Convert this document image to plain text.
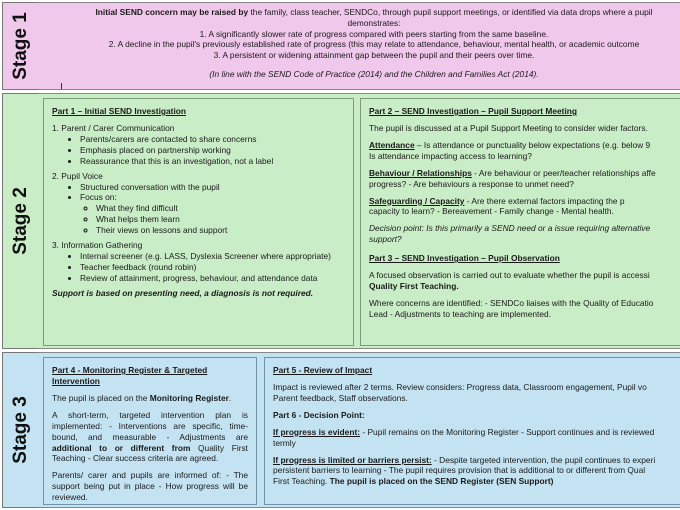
Stage 1
Initial SEND concern may be raised by the family, class teacher, SENDCo, through pupil support meetings, or identified via data drops where a pupil
demonstrates:
1. A significantly slower rate of progress compared with peers starting from the same baseline.
2. A decline in the pupil's previously established rate of progress (this may relate to attendance, behaviour, mental health, or academic outcome
3. A persistent or widening attainment gap between the pupil and their peers over time.
(In line with the SEND Code of Practice (2014) and the Children and Families Act (2014).
Stage 2
Part 1 – Initial SEND Investigation
1. Parent / Carer Communication
• Parents/carers are contacted to share concerns
• Emphasis placed on partnership working
• Reassurance that this is an investigation, not a label
2. Pupil Voice
• Structured conversation with the pupil
• Focus on:
◦ What they find difficult
◦ What helps them learn
◦ Their views on lessons and support
3. Information Gathering
• Internal screener (e.g. LASS, Dyslexia Screener where appropriate)
• Teacher feedback (round robin)
• Review of attainment, progress, behaviour, and attendance data
Support is based on presenting need, a diagnosis is not required.
Part 2 – SEND Investigation – Pupil Support Meeting

The pupil is discussed at a Pupil Support Meeting to consider wider factors.

Attendance – Is attendance or punctuality below expectations (e.g. below 9
Is attendance impacting access to learning?

Behaviour / Relationships - Are behaviour or peer/teacher relationships affe
progress? - Are behaviours a response to unmet need?

Safeguarding / Capacity - Are there external factors impacting the p
capacity to learn? - Bereavement - Family change - Mental health.

Decision point: Is this primarily a SEND need or a issue requiring alternative support?

Part 3 – SEND Investigation – Pupil Observation

A focused observation is carried out to evaluate whether the pupil is accessi
Quality First Teaching.

Where concerns are identified: - SENDCo liaises with the Quality of Educatio
Lead - Adjustments to teaching are implemented.

Stage 3
Part 4 - Monitoring Register & Targeted Intervention

The pupil is placed on the Monitoring Register.

A short-term, targeted intervention plan is implemented: - Interventions are specific, time-bound, and measurable - Adjustments are additional to or different from Quality First Teaching - Clear success criteria are agreed.

Parents/ carer and pupils are informed of: - The support being put in place - How progress will be reviewed.

Part 5 - Review of Impact

Impact is reviewed after 2 terms. Review considers: Progress data, Classroom engagement, Pupil vo
Parent feedback, Staff observations.

Part 6 - Decision Point:

If progress is evident: - Pupil remains on the Monitoring Register - Support continues and is reviewed
termly

If progress is limited or barriers persist: - Despite targeted intervention, the pupil continues to experi
persistent barriers to learning - The pupil requires provision that is additional to or different from Qual
First Teaching. The pupil is placed on the SEND Register (SEN Support)
